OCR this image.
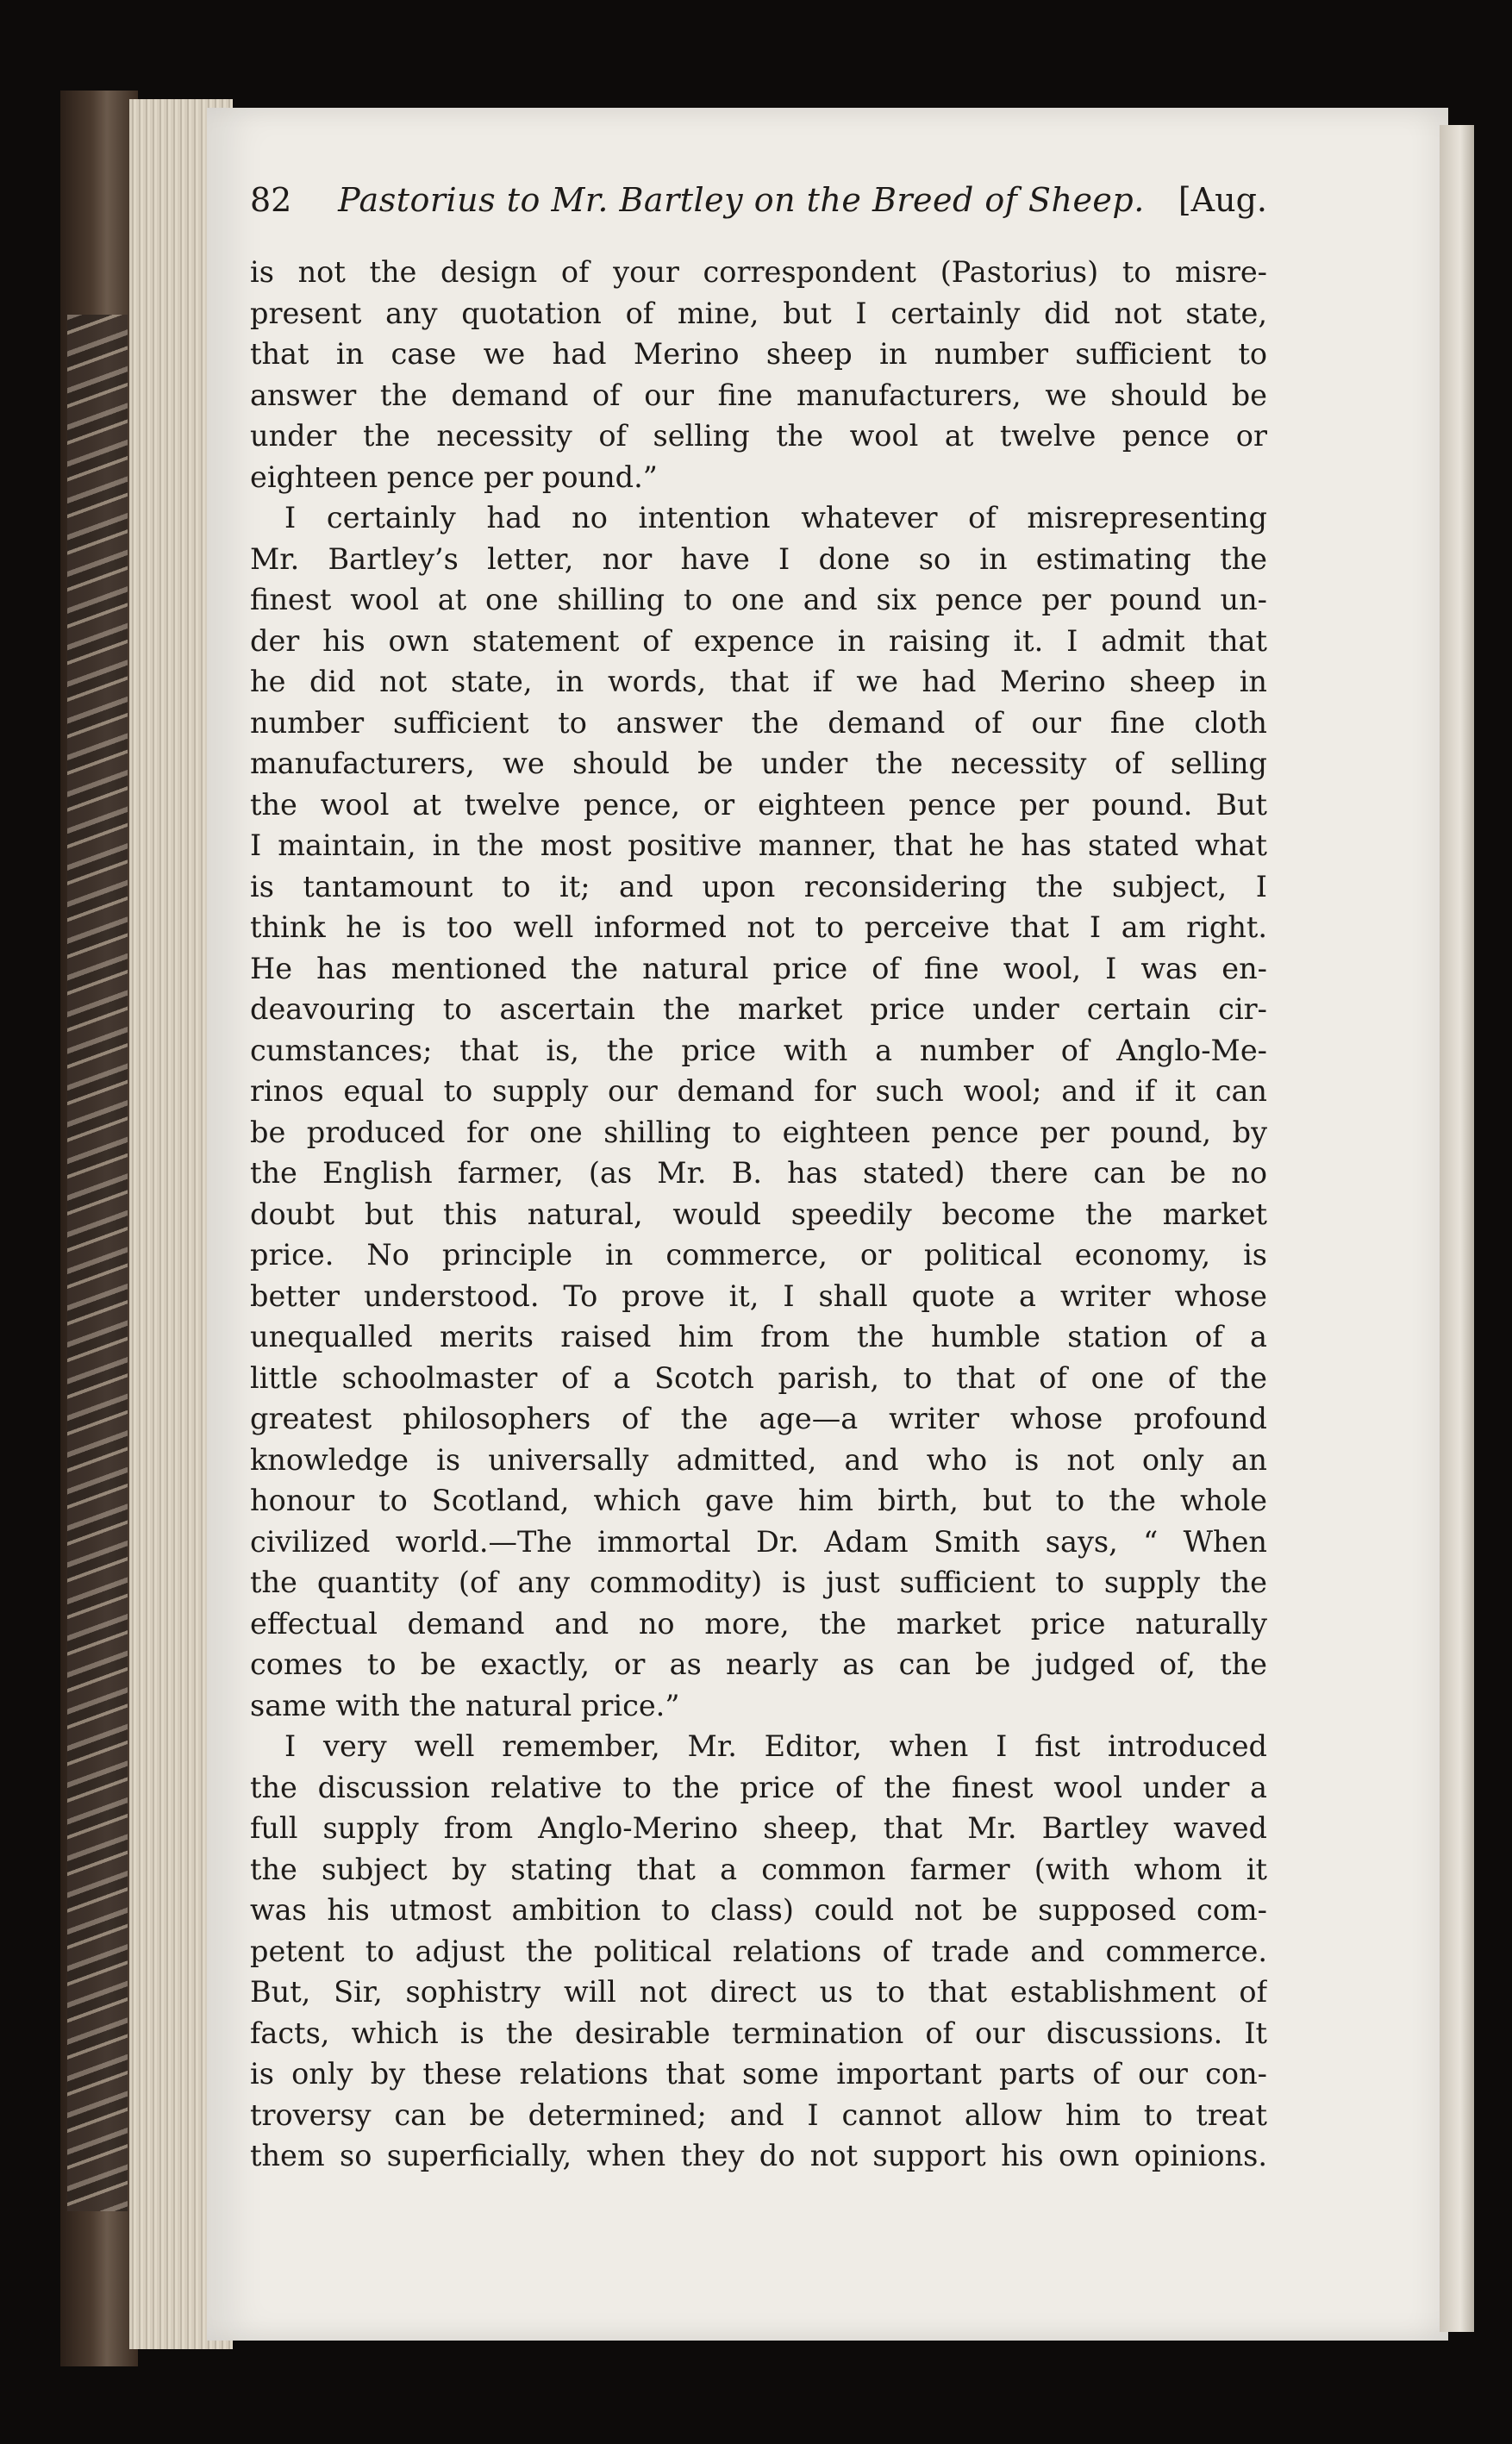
82	Pastorius to Mr. Bartley on the Breed of Sheep.	[Aug.
is not the design of your correspondent (Pastorius) to misre-
present any quotation of mine, but I certainly did not state,
that in case we had Merino sheep in number sufficient to
answer the demand of our fine manufacturers, we should be
under the necessity of selling the wool at twelve pence or
eighteen pence per pound.”
I certainly had no intention whatever of misrepresenting
Mr. Bartley’s letter, nor have I done so in estimating the
finest wool at one shilling to one and six pence per pound un-
der his own statement of expence in raising it. I admit that
he did not state, in words, that if we had Merino sheep in
number sufficient to answer the demand of our fine cloth
manufacturers, we should be under the necessity of selling
the wool at twelve pence, or eighteen pence per pound. But
I maintain, in the most positive manner, that he has stated what
is tantamount to it; and upon reconsidering the subject, I
think he is too well informed not to perceive that I am right.
He has mentioned the natural price of fine wool, I was en-
deavouring to ascertain the market price under certain cir-
cumstances; that is, the price with a number of Anglo-Me-
rinos equal to supply our demand for such wool; and if it can
be produced for one shilling to eighteen pence per pound, by
the English farmer, (as Mr. B. has stated) there can be no
doubt but this natural, would speedily become the market
price. No principle in commerce, or political economy, is
better understood. To prove it, I shall quote a writer whose
unequalled merits raised him from the humble station of a
little schoolmaster of a Scotch parish, to that of one of the
greatest philosophers of the age—a writer whose profound
knowledge is universally admitted, and who is not only an
honour to Scotland, which gave him birth, but to the whole
civilized world.—The immortal Dr. Adam Smith says, “ When
the quantity (of any commodity) is just sufficient to supply the
effectual demand and no more, the market price naturally
comes to be exactly, or as nearly as can be judged of, the
same with the natural price.”
I very well remember, Mr. Editor, when I fist introduced
the discussion relative to the price of the finest wool under a
full supply from Anglo-Merino sheep, that Mr. Bartley waved
the subject by stating that a common farmer (with whom it
was his utmost ambition to class) could not be supposed com-
petent to adjust the political relations of trade and commerce.
But, Sir, sophistry will not direct us to that establishment of
facts, which is the desirable termination of our discussions. It
is only by these relations that some important parts of our con-
troversy can be determined; and I cannot allow him to treat
them so superficially, when they do not support his own opinions.
